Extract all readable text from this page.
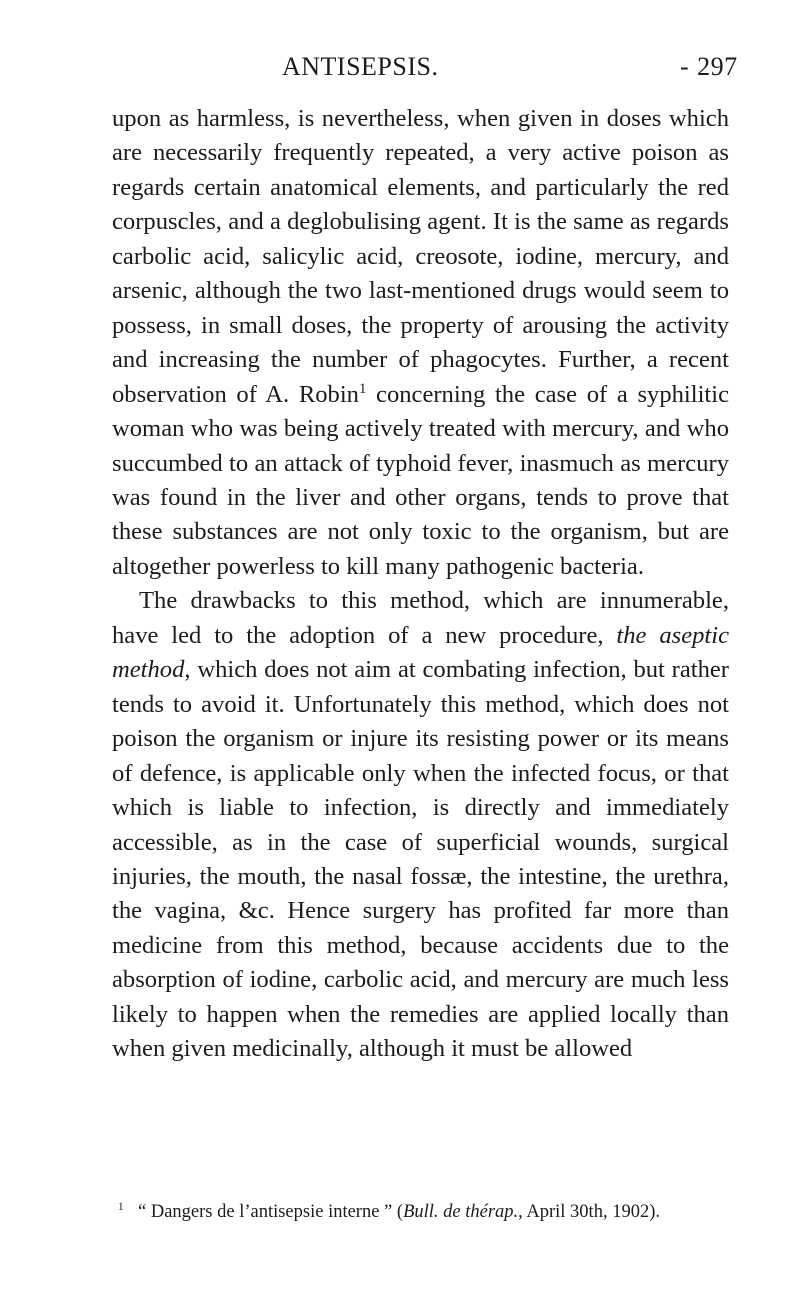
ANTISEPSIS.	- 297

upon as harmless, is nevertheless, when given in doses which are necessarily frequently repeated, a very active poison as regards certain anatomical elements, and particularly the red corpuscles, and a deglobulising agent. It is the same as regards carbolic acid, salicylic acid, creosote, iodine, mercury, and arsenic, although the two last-mentioned drugs would seem to possess, in small doses, the property of arousing the activity and increasing the number of phagocytes. Further, a recent observation of A. Robin$^1$ concerning the case of a syphilitic woman who was being actively treated with mercury, and who succumbed to an attack of typhoid fever, inasmuch as mercury was found in the liver and other organs, tends to prove that these substances are not only toxic to the organism, but are altogether powerless to kill many pathogenic bacteria.

The drawbacks to this method, which are innumerable, have led to the adoption of a new procedure, the aseptic method, which does not aim at combating infection, but rather tends to avoid it. Unfortunately this method, which does not poison the organism or injure its resisting power or its means of defence, is applicable only when the infected focus, or that which is liable to infection, is directly and immediately accessible, as in the case of superficial wounds, surgical injuries, the mouth, the nasal fossæ, the intestine, the urethra, the vagina, &c. Hence surgery has profited far more than medicine from this method, because accidents due to the absorption of iodine, carbolic acid, and mercury are much less likely to happen when the remedies are applied locally than when given medicinally, although it must be allowed

$^1$ “ Dangers de l’antisepsie interne ” (Bull. de thérap., April 30th, 1902).
